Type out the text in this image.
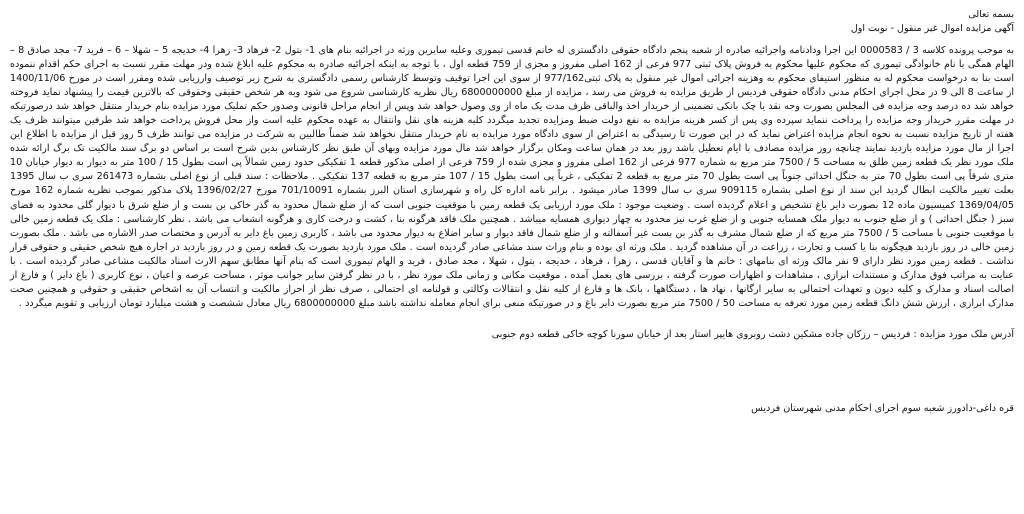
بسمه تعالی
آگهی مزایده اموال غیر منقول - نوبت اول
به موجب پرونده کلاسه 3 / 0000583 این اجرا ودادنامه واجرائیه صادره از شعبه پنجم دادگاه حقوقی دادگستری له خانم قدسی تیموری وعلیه سایرین ورثه در اجرائیه بنام های 1- بتول 2- فرهاد 3- زهرا 4- خدیجه 5 – شهلا – 6 – فرید 7- مجد صادق 8 – الهام همگی با نام خانوادگی تیموری که محکوم علیها محکوم به فروش پلاک ثبتی 977 فرعی از 162 اصلی مفروز و مجزی از 759 قطعه اول ، با توجه به اینکه اجرائیه صادره به محکوم علیه ابلاغ شده ودر مهلت مقرر نسبت به اجرای حکم اقدام ننموده است بنا به درخواست محکوم له به منظور استیفای محکوم به وهزینه اجرائی اموال غیر منقول به پلاک ثبتی977/162 از سوی این اجرا توقیف وتوسط کارشناس رسمی دادگستری به شرح زیر توصیف وارزیابی شده ومقرر است در مورخ 1400/11/06 از ساعت 8 الی 9 در محل اجرای احکام مدنی دادگاه حقوقی فردیس از طریق مزایده به فروش می رسد ، مزایده از مبلغ 6800000000 ریال نظریه کارشناسی شروع می شود وبه هر شخص حقیقی وحقوقی که بالاترین قیمت را پیشنهاد نماید فروخته خواهد شد ده درصد وجه مزایده فی المجلس بصورت وجه نقد یا چک بانکی تضمینی از خریدار اخذ والباقی ظرف مدت یک ماه از وی وصول خواهد شد وپس از انجام مراحل قانونی وصدور حکم تملیک مورد مزایده بنام خریدار منتقل خواهد شد درصورتیکه در مهلت مقرر خریدار وجه مزایده را پرداخت ننماید سپرده وی پس از کسر هزینه مزایده به نفع دولت ضبط ومزایده تجدید میگردد کلیه هزینه های نقل وانتقال به عهده محکوم علیه است واز محل فروش پرداخت خواهد شد طرفین میتوانند ظرف یک هفته از تاریخ مزایده نسبت به نحوه انجام مزایده اعتراض نماید که در این صورت تا رسیدگی به اعتراض از سوی دادگاه مورد مزایده به نام خریدار منتقل نخواهد شد ضمناً طالبین به شرکت در مزایده می توانند ظرف 5 روز قبل از مزایده با اطلاع این اجرا از مال مورد مزایده بازدید نمایند چنانچه روز مزایده مصادف با ایام تعطیل باشد روز بعد در همان ساعت ومکان برگزار خواهد شد مال مورد مزایده وبهای آن طبق نظر کارشناس بدین شرح است بر اساس دو برگ سند مالکیت تک برگ ارائه شده ملک مورد نظر یک قطعه زمین طلق به مساحت 5 / 7500 متر مربع به شماره 977 فرعی از 162 اصلی مفروز و مجزی شده از 759 فرعی از اصلی مذکور قطعه 1 تفکیکی حدود زمین شمالاً پی است بطول 15 / 100 متر به دیوار به دیوار خیابان 10 متری شرقاً پی است بطول 70 متر به جنگل احداثی جنوباً پی است بطول 70 متر مربع به قطعه 2 تفکیکی ، غرباً پی است بطول 15 / 107 متر مربع به قطعه 137 تفکیکی . ملاحظات : سند قبلی از نوع اصلی بشماره 261473 سری ب سال 1395 بعلت تغییر مالکیت ابطال گردید این سند از نوع اصلی بشماره 909115 سری ب سال 1399 صادر میشود . برابر نامه اداره کل راه و شهرسازی استان البرز بشماره 701/10091 مورخ 1396/02/27 پلاک مذکور بموجب نظریه شماره 162 مورخ 1369/04/05 کمیسیون ماده 12 بصورت دایر باغ تشخیص و اعلام گردیده است . وضعیت موجود : ملک مورد ارزیابی یک قطعه زمین با موقعیت جنوبی است که از ضلع شمال محدود به گذر خاکی بن بست و از ضلع شرق با دیوار گلی محدود به فضای سبز ( جنگل احداثی ) و از ضلع جنوب به دیوار ملک همسایه جنوبی و از ضلع غرب نیز محدود به چهار دیواری همسایه میباشد . همچنین ملک فاقد هرگونه بنا ، کشت و درخت کاری و هرگونه انشعاب می باشد . نظر کارشناسی : ملک یک قطعه زمین خالی با موقعیت جنوبی با مساحت 5 / 7500 متر مربع که از ضلع شمال مشرف به گذر بن بست غیر آسفالته و از ضلع شمال فاقد دیوار و سایر اضلاع به دیوار محدود می باشد ، کاربری زمین باغ دایر به آدرس و مختصات صدر الاشاره می باشد . ملک بصورت زمین خالی در روز بازدید هیچگونه بنا یا کسب و تجارت ، زراعت در آن مشاهده گردید . ملک ورثه ای بوده و بنام وراث سند مشاعی صادر گردیده است . ملک مورد بازدید بصورت یک قطعه زمین و در روز بازدید در اجاره هیچ شخص حقیقی و حقوقی قرار نداشت . قطعه زمین مورد نظر دارای 9 نفر مالک ورثه ای بنامهای : خانم ها و آقایان قدسی ، زهرا ، فرهاد ، خدیجه ، بتول ، شهلا ، مجد صادق ، فرید و الهام تیموری است که بنام آنها مطابق سهم الارث اسناد مالکیت مشاعی صادر گردیده است . با عنایت به مراتب فوق مدارک و مستندات ابرازی ، مشاهدات و اظهارات صورت گرفته ، بررسی های بعمل آمده ، موقعیت مکانی و زمانی ملک مورد نظر ، با در نظر گرفتن سایر جوانب موثر ، مساحت عرصه و اعیان ، نوع کاربری ( باغ دایر ) و فارغ از اصالت اسناد و مدارک و کلیه دیون و تعهدات احتمالی به سایر ارگانها ، نهاد ها ، دستگاهها ، بانک ها و فارغ از کلیه نقل و انتقالات وکالتی و قولنامه ای احتمالی ، صرف نظر از احراز مالکیت و انتساب آن به اشخاص حقیقی و حقوقی و همچنین صحت مدارک ابرازی ، ارزش شش دانگ قطعه زمین مورد تعرفه به مساحت 50 / 7500 متر مربع بصورت دایر باغ و در صورتیکه منعی برای انجام معامله نداشته باشد مبلغ 6800000000 ریال معادل ششصت و هشت میلیارد تومان ارزیابی و تقویم میگردد .
آدرس ملک مورد مزایده : فردیس – رزکان جاده مشکین دشت روبروی هایپر استار بعد از خیابان سورنا کوچه خاکی قطعه دوم جنوبی
قره داغی-دادورز شعبه سوم اجرای احکام مدنی شهرستان فردیس
